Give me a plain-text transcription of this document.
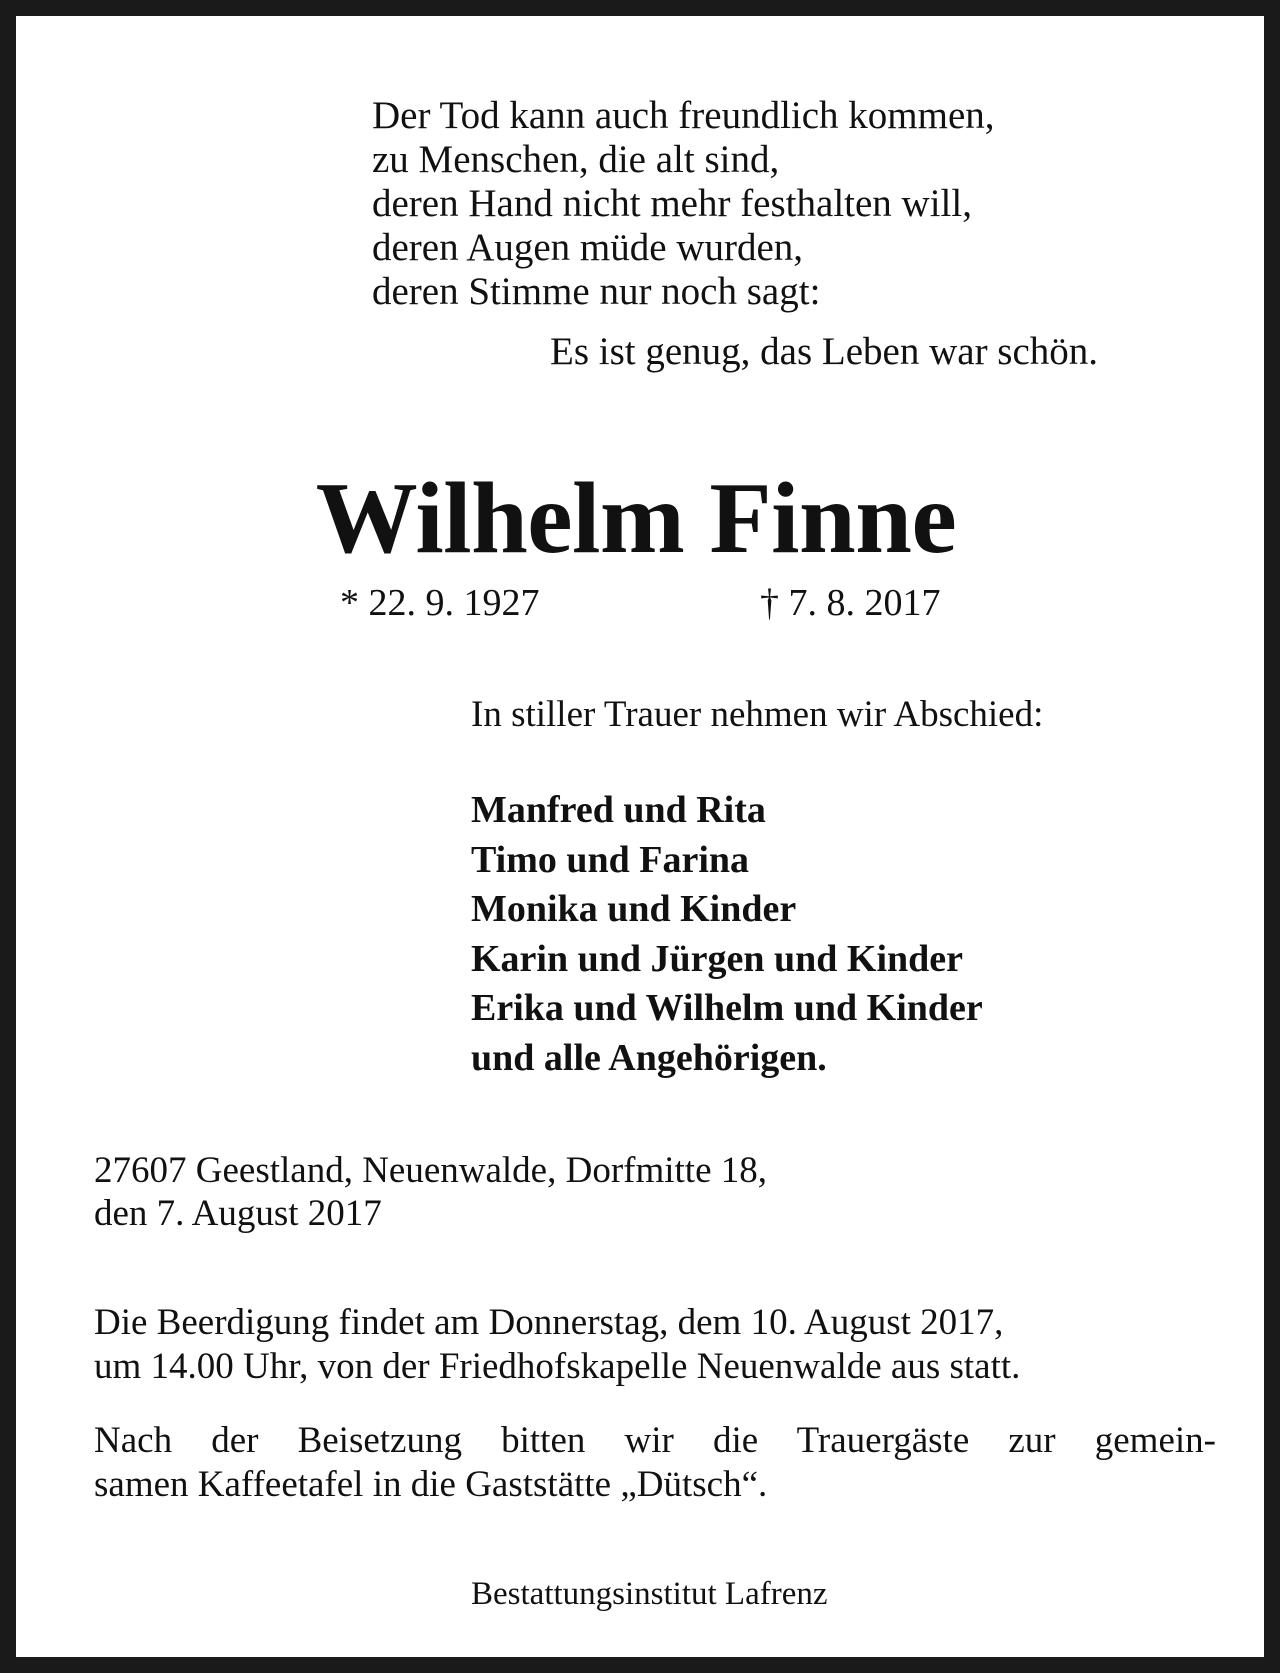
Der Tod kann auch freundlich kommen,
zu Menschen, die alt sind,
deren Hand nicht mehr festhalten will,
deren Augen müde wurden,
deren Stimme nur noch sagt:
Es ist genug, das Leben war schön.
Wilhelm Finne
* 22. 9. 1927	† 7. 8. 2017
In stiller Trauer nehmen wir Abschied:
Manfred und Rita
Timo und Farina
Monika und Kinder
Karin und Jürgen und Kinder
Erika und Wilhelm und Kinder
und alle Angehörigen.
27607 Geestland, Neuenwalde, Dorfmitte 18,
den 7. August 2017
Die Beerdigung findet am Donnerstag, dem 10. August 2017,
um 14.00 Uhr, von der Friedhofskapelle Neuenwalde aus statt.
Nach der Beisetzung bitten wir die Trauergäste zur gemein-
samen Kaffeetafel in die Gaststätte „Dütsch“.
Bestattungsinstitut Lafrenz
